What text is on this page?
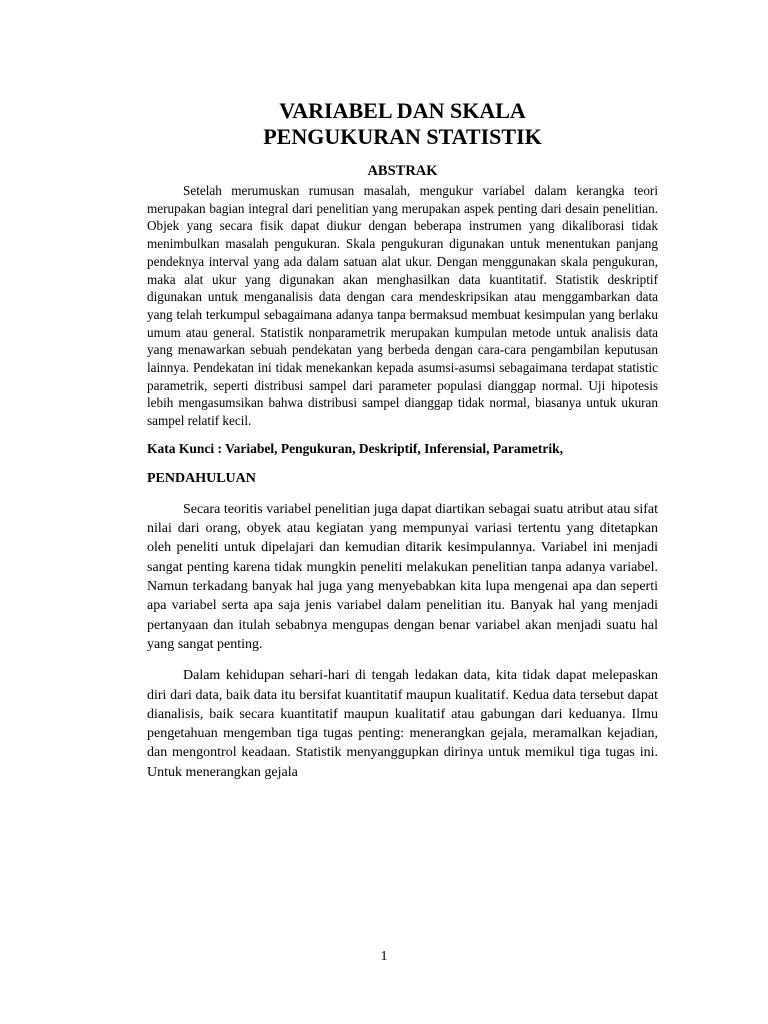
VARIABEL DAN SKALA
PENGUKURAN STATISTIK
ABSTRAK

Setelah merumuskan rumusan masalah, mengukur variabel dalam kerangka teori merupakan bagian integral dari penelitian yang merupakan aspek penting dari desain penelitian. Objek yang secara fisik dapat diukur dengan beberapa instrumen yang dikaliborasi tidak menimbulkan masalah pengukuran. Skala pengukuran digunakan untuk menentukan panjang pendeknya interval yang ada dalam satuan alat ukur. Dengan menggunakan skala pengukuran, maka alat ukur yang digunakan akan menghasilkan data kuantitatif. Statistik deskriptif digunakan untuk menganalisis data dengan cara mendeskripsikan atau menggambarkan data yang telah terkumpul sebagaimana adanya tanpa bermaksud membuat kesimpulan yang berlaku umum atau general. Statistik nonparametrik merupakan kumpulan metode untuk analisis data yang menawarkan sebuah pendekatan yang berbeda dengan cara-cara pengambilan keputusan lainnya. Pendekatan ini tidak menekankan kepada asumsi-asumsi sebagaimana terdapat statistic parametrik, seperti distribusi sampel dari parameter populasi dianggap normal. Uji hipotesis lebih mengasumsikan bahwa distribusi sampel dianggap tidak normal, biasanya untuk ukuran sampel relatif kecil.

Kata Kunci : Variabel, Pengukuran, Deskriptif, Inferensial, Parametrik,

PENDAHULUAN

Secara teoritis variabel penelitian juga dapat diartikan sebagai suatu atribut atau sifat nilai dari orang, obyek atau kegiatan yang mempunyai variasi tertentu yang ditetapkan oleh peneliti untuk dipelajari dan kemudian ditarik kesimpulannya. Variabel ini menjadi sangat penting karena tidak mungkin peneliti melakukan penelitian tanpa adanya variabel. Namun terkadang banyak hal juga yang menyebabkan kita lupa mengenai apa dan seperti apa variabel serta apa saja jenis variabel dalam penelitian itu. Banyak hal yang menjadi pertanyaan dan itulah sebabnya mengupas dengan benar variabel akan menjadi suatu hal yang sangat penting.

Dalam kehidupan sehari-hari di tengah ledakan data, kita tidak dapat melepaskan diri dari data, baik data itu bersifat kuantitatif maupun kualitatif. Kedua data tersebut dapat dianalisis, baik secara kuantitatif maupun kualitatif atau gabungan dari keduanya. Ilmu pengetahuan mengemban tiga tugas penting: menerangkan gejala, meramalkan kejadian, dan mengontrol keadaan. Statistik menyanggupkan dirinya untuk memikul tiga tugas ini. Untuk menerangkan gejala

1
